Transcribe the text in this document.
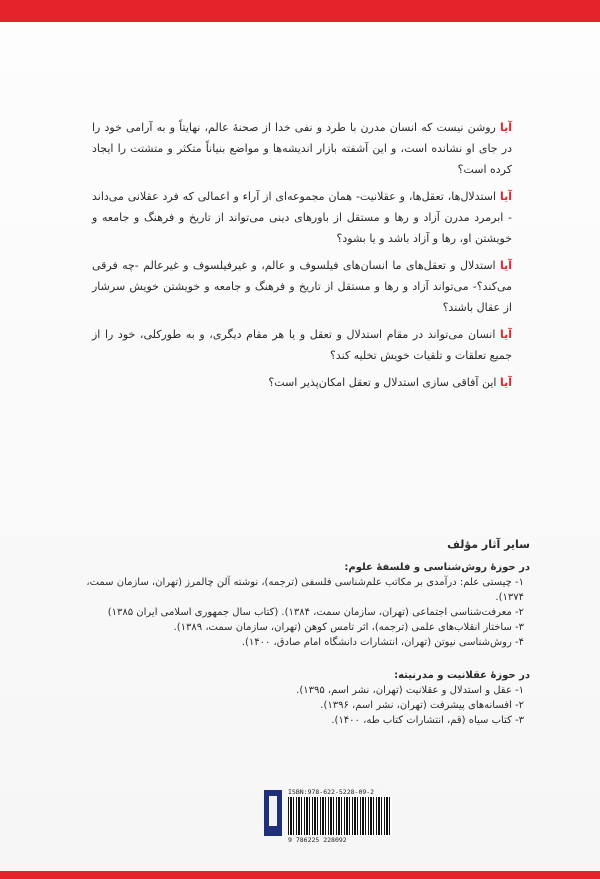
آیا روشن نیست که انسان مدرن با طرد و نفی خدا از صحنهٔ عالم، نهایتاً و به آرامی خود را در جای او نشانده است، و این آشفته بازار اندیشه‌ها و مواضع بنیاناً متکثر و متشتت را ایجاد کرده است؟

آیا استدلال‌ها، تعقل‌ها، و عقلانیت- همان مجموعه‌ای از آراء و اعمالی که فرد عقلانی می‌داند - ابرمرد مدرن آزاد و رها و مستقل از باورهای دینی می‌تواند از تاریخ و فرهنگ و جامعه و خویشتن او، رها و آزاد باشد و یا بشود؟

آیا استدلال و تعقل‌های ما انسان‌های فیلسوف و عالم، و غیرفیلسوف و غیرعالم -چه فرقی می‌کند؟- می‌تواند آزاد و رها و مستقل از تاریخ و فرهنگ و جامعه و خویشتن خویش سرشار از عقال باشند؟

آیا انسان می‌تواند در مقام استدلال و تعقل و یا هر مقام دیگری، و به طورکلی، خود را از جمیع تعلقات و تلقیات خویش تخلیه کند؟

آیا این آفاقی سازی استدلال و تعقل امکان‌پذیر است؟

سایر آثار مؤلف
در حوزهٔ روش‌شناسی و فلسفهٔ علوم:
۱- چیستی علم: درآمدی بر مکاتب علم‌شناسی فلسفی (ترجمه)، نوشته آلن چالمرز (تهران، سازمان سمت، ۱۳۷۴).
۲- معرفت‌شناسی اجتماعی (تهران، سازمان سمت، ۱۳۸۴). (کتاب سال جمهوری اسلامی ایران ۱۳۸۵)
۳- ساختار انقلاب‌های علمی (ترجمه)، اثر تامس کوهن (تهران، سازمان سمت، ۱۳۸۹).
۴- روش‌شناسی نیوتن (تهران، انتشارات دانشگاه امام صادق، ۱۴۰۰).
در حوزهٔ عقلانیت و مدرنیته:
۱- عقل و استدلال و عقلانیت (تهران، نشر اسم، ۱۳۹۵).
۲- افسانه‌های پیشرفت (تهران، نشر اسم، ۱۳۹۶).
۳- کتاب سیاه (قم، انتشارات کتاب طه، ۱۴۰۰).
ISBN:978-622-5228-09-2
9 786225 228092
